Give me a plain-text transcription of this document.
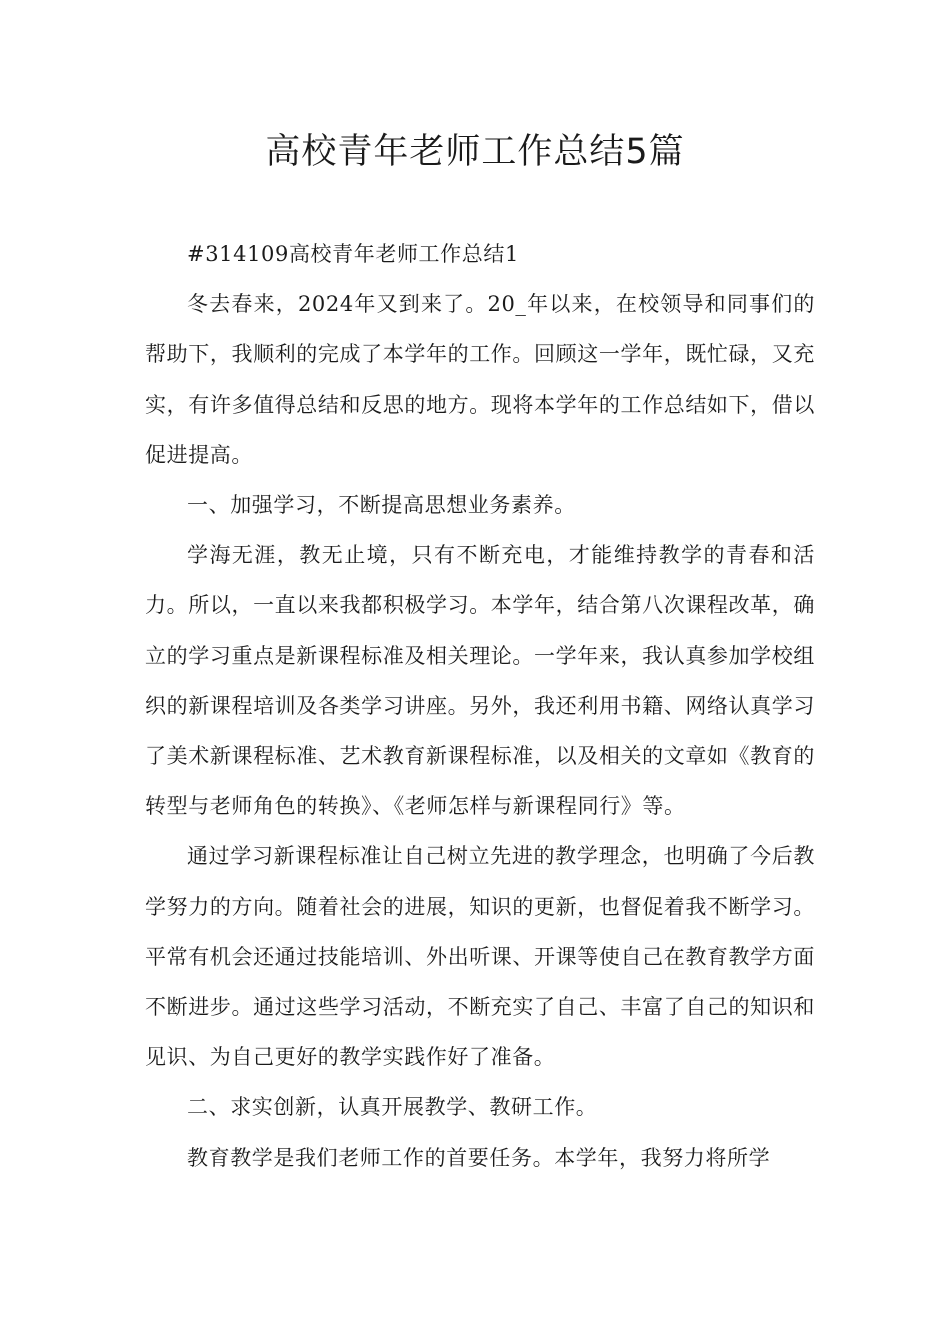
高校青年老师工作总结5篇

#314109高校青年老师工作总结1

冬去春来，2024年又到来了。20_年以来，在校领导和同事们的帮助下，我顺利的完成了本学年的工作。回顾这一学年，既忙碌，又充实，有许多值得总结和反思的地方。现将本学年的工作总结如下，借以促进提高。

一、加强学习，不断提高思想业务素养。

学海无涯，教无止境，只有不断充电，才能维持教学的青春和活力。所以，一直以来我都积极学习。本学年，结合第八次课程改革，确立的学习重点是新课程标准及相关理论。一学年来，我认真参加学校组织的新课程培训及各类学习讲座。另外，我还利用书籍、网络认真学习了美术新课程标准、艺术教育新课程标准，以及相关的文章如《教育的转型与老师角色的转换》、《老师怎样与新课程同行》等。

通过学习新课程标准让自己树立先进的教学理念，也明确了今后教学努力的方向。随着社会的进展，知识的更新，也督促着我不断学习。平常有机会还通过技能培训、外出听课、开课等使自己在教育教学方面不断进步。通过这些学习活动，不断充实了自己、丰富了自己的知识和见识、为自己更好的教学实践作好了准备。

二、求实创新，认真开展教学、教研工作。

教育教学是我们老师工作的首要任务。本学年，我努力将所学
